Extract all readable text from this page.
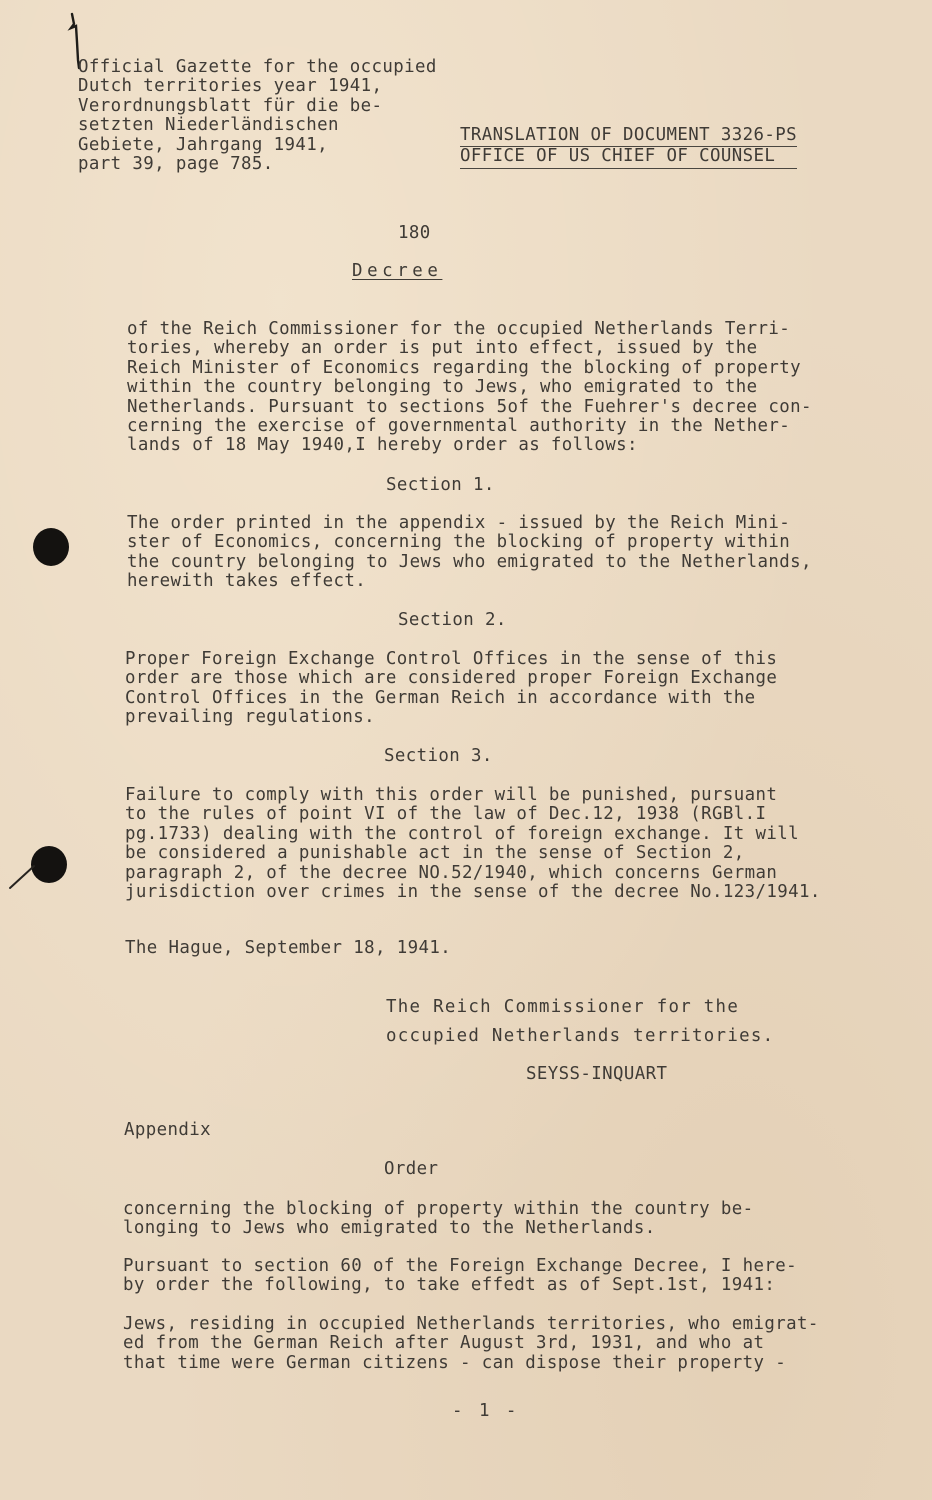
Official Gazette for the occupied
Dutch territories year 1941,
Verordnungsblatt für die be-
setzten Niederländischen
Gebiete, Jahrgang 1941,
part 39, page 785.
TRANSLATION OF DOCUMENT 3326-PS
OFFICE OF US CHIEF OF COUNSEL
180
Decree
of the Reich Commissioner for the occupied Netherlands Terri-
tories, whereby an order is put into effect, issued by the
Reich Minister of Economics regarding the blocking of property
within the country belonging to Jews, who emigrated to the
Netherlands. Pursuant to sections 5of the Fuehrer's decree con-
cerning the exercise of governmental authority in the Nether-
lands of 18 May 1940,I hereby order as follows:
Section 1.
The order printed in the appendix - issued by the Reich Mini-
ster of Economics, concerning the blocking of property within
the country belonging to Jews who emigrated to the Netherlands,
herewith takes effect.
Section 2.
Proper Foreign Exchange Control Offices in the sense of this
order are those which are considered proper Foreign Exchange
Control Offices in the German Reich in accordance with the
prevailing regulations.
Section 3.
Failure to comply with this order will be punished, pursuant
to the rules of point VI of the law of Dec.12, 1938 (RGBl.I
pg.1733) dealing with the control of foreign exchange. It will
be considered a punishable act in the sense of Section 2,
paragraph 2, of the decree NO.52/1940, which concerns German
jurisdiction over crimes in the sense of the decree No.123/1941.
The Hague, September 18, 1941.
The Reich Commissioner for the
occupied Netherlands territories.
SEYSS-INQUART
Appendix
Order
concerning the blocking of property within the country be-
longing to Jews who emigrated to the Netherlands.
Pursuant to section 60 of the Foreign Exchange Decree, I here-
by order the following, to take effedt as of Sept.1st, 1941:
Jews, residing in occupied Netherlands territories, who emigrat-
ed from the German Reich after August 3rd, 1931, and who at
that time were German citizens - can dispose their property -
- 1 -
